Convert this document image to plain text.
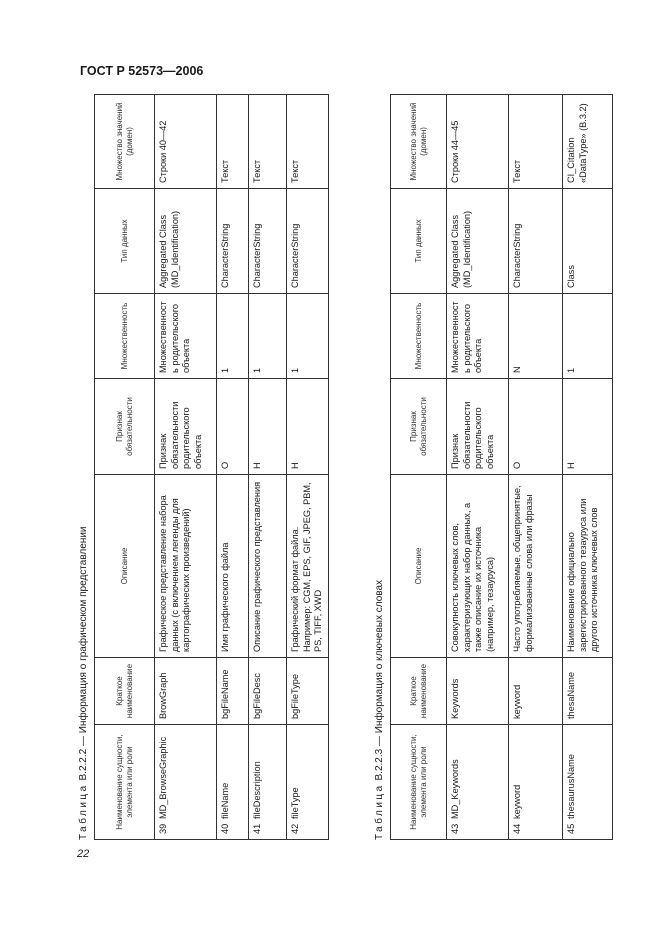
ГОСТ Р 52573—2006
Таблица B.2.2.2 — Информация о графическом представлении
Наименование сущности, элемента или роли	Краткое наименование	Описание	Признак обязательности	Множественность	Тип данных	Множество значений (домен)
39MD_BrowseGraphic	BrowGraph	Графическое представление набора данных (с включением легенды для картографических произведений)	Признак обязательности родительского объекта	Множественность родительского объекта	Aggregated Class (MD_Identification)	Строки 40—42
40fileName	bgFileName	Имя графического файла	О	1	CharacterString	Текст
41fileDescription	bgFileDesc	Описание графического представления	Н	1	CharacterString	Текст
42fileType	bgFileType	Графический формат файла. Например: CGM, EPS, GIF, JPEG, PBM, PS, TIFF, XWD	Н	1	CharacterString	Текст
Таблица B.2.2.3 — Информация о ключевых словах
Наименование сущности, элемента или роли	Краткое наименование	Описание	Признак обязательности	Множественность	Тип данных	Множество значений (домен)
43MD_Keywords	Keywords	Совокупность ключевых слов, характеризующих набор данных, а также описание их источника (например, тезауруса)	Признак обязательности родительского объекта	Множественность родительского объекта	Aggregated Class (MD_Identification)	Строки 44—45
44keyword	keyword	Часто употребляемые, общепринятые, формализованные слова или фразы	О	N	CharacterString	Текст
45thesaurusName	thesaName	Наименование официально зарегистрированного тезауруса или другого источника ключевых слов	Н	1	Class	CI_Citation «DataType» (B.3.2)
22
